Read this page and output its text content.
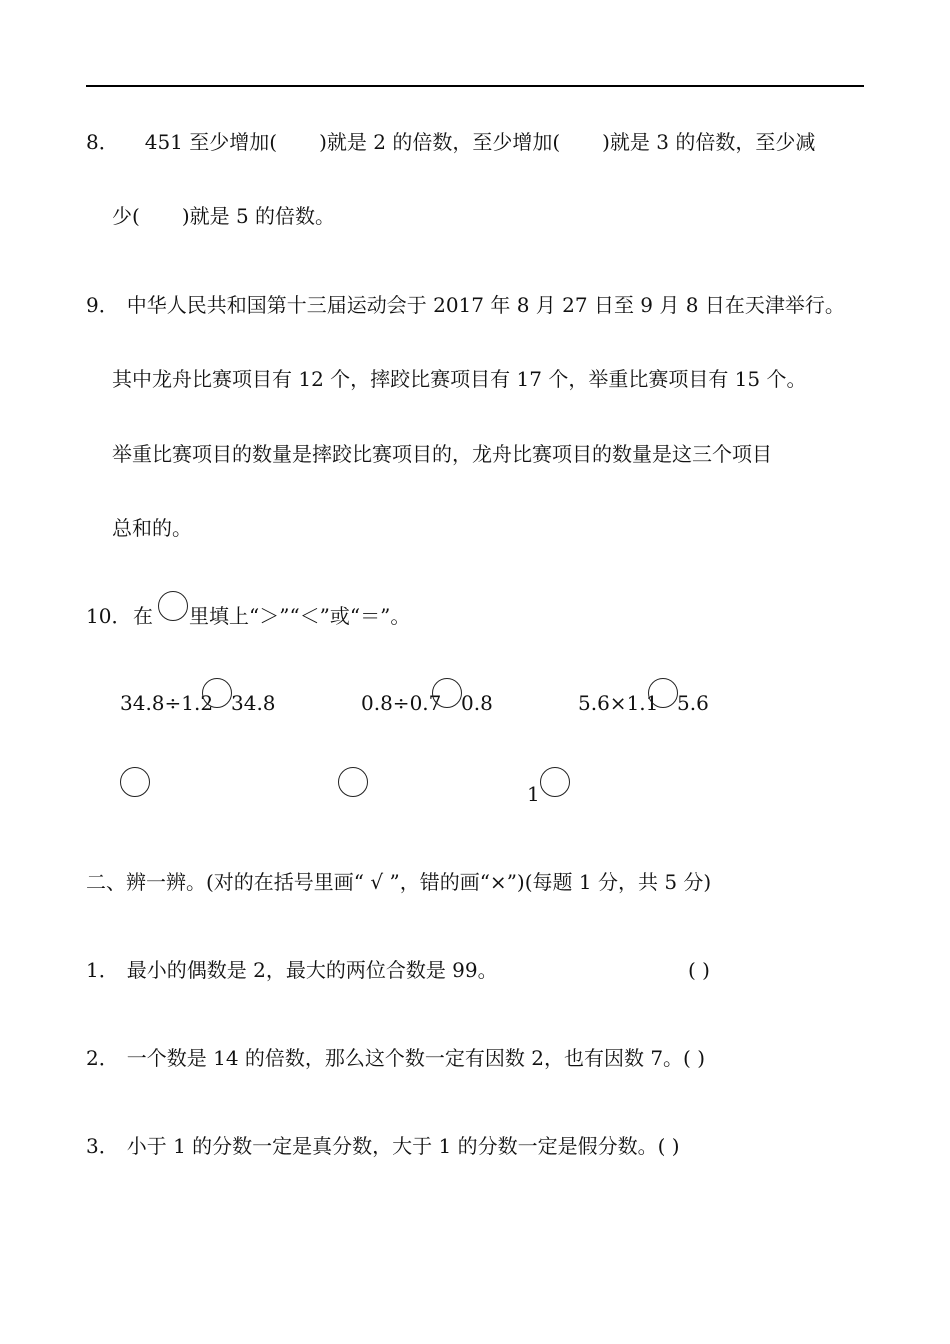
8． 451 至少增加( )就是 2 的倍数，至少增加( )就是 3 的倍数，至少减
少( )就是 5 的倍数。
9． 中华人民共和国第十三届运动会于 2017 年 8 月 27 日至 9 月 8 日在天津举行。
其中龙舟比赛项目有 12 个，摔跤比赛项目有 17 个，举重比赛项目有 15 个。
举重比赛项目的数量是摔跤比赛项目的，龙舟比赛项目的数量是这三个项目
总和的。
10． 在 里填上“＞”“＜”或“＝”。
34.8÷1.2 34.8	0.8÷0.7 0.8	5.6×1.1 5.6
1
二、辨一辨。(对的在括号里画“ √ ”，错的画“×”)(每题 1 分，共 5 分)
1． 最小的偶数是 2，最大的两位合数是 99。	( )
2． 一个数是 14 的倍数，那么这个数一定有因数 2，也有因数 7。( )
3． 小于 1 的分数一定是真分数，大于 1 的分数一定是假分数。( )
